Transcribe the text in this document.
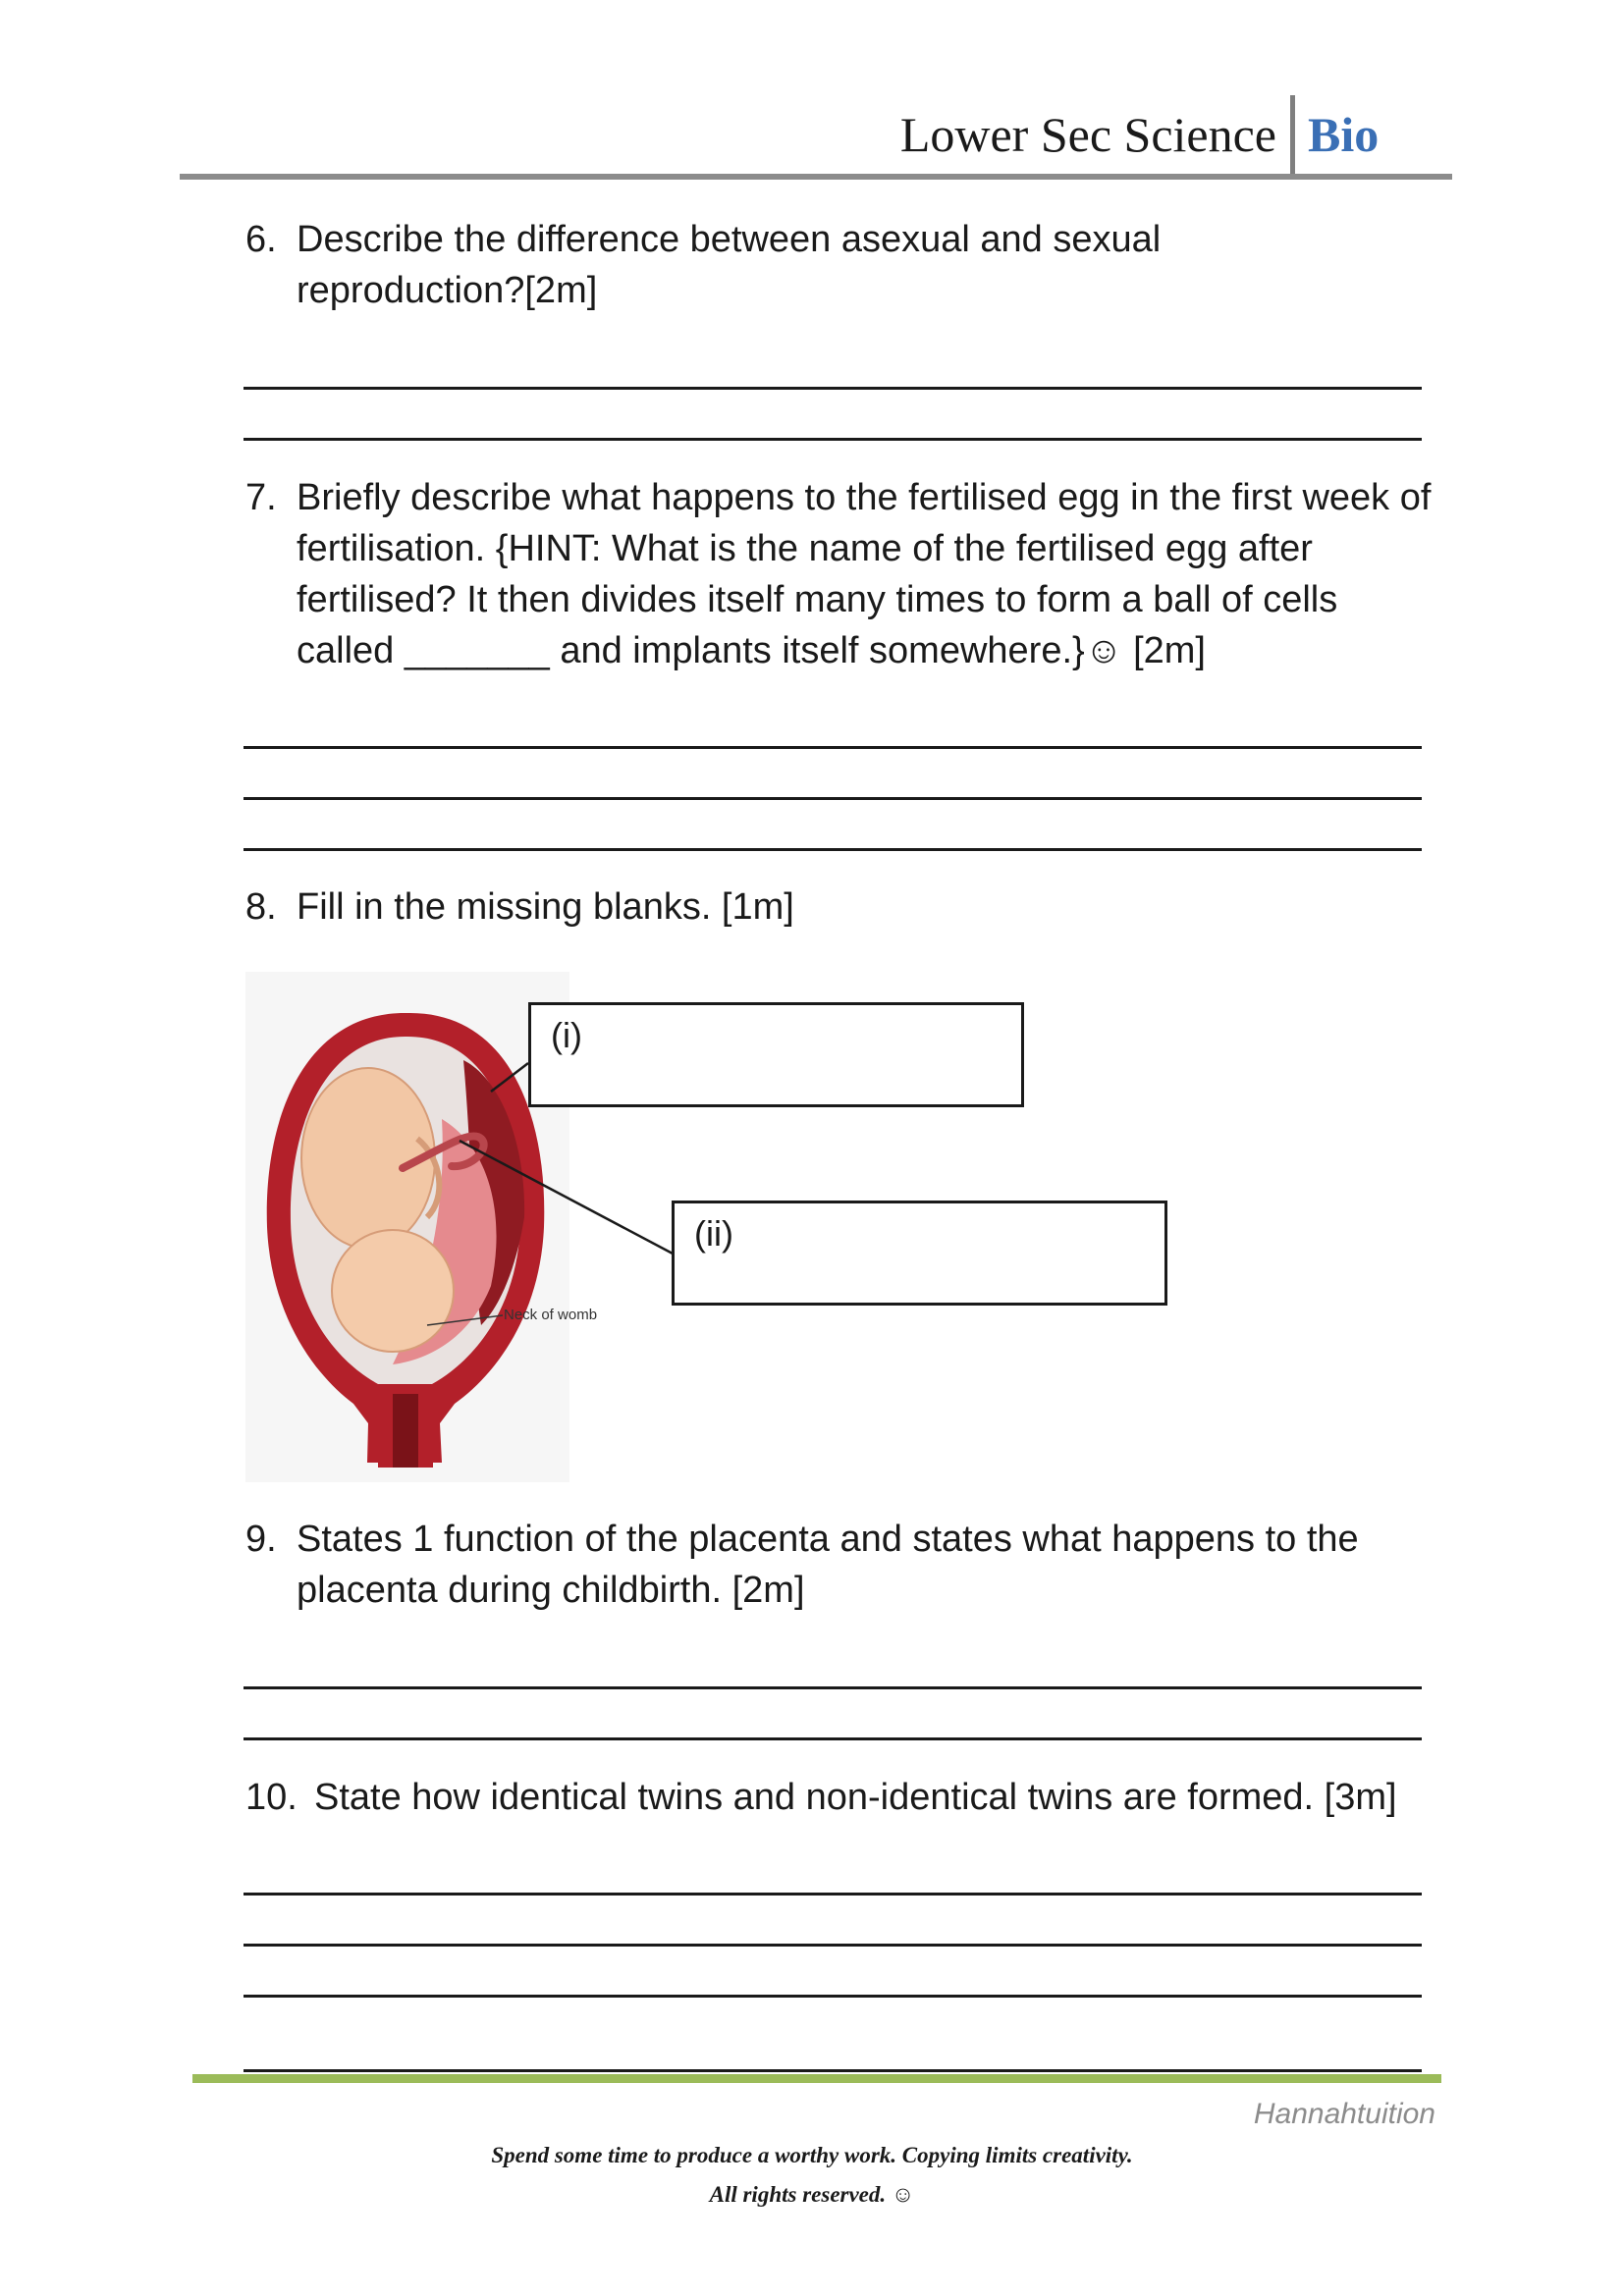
Lower Sec Science Bio
6. Describe the difference between asexual and sexual reproduction?[2m]
7. Briefly describe what happens to the fertilised egg in the first week of fertilisation. {HINT: What is the name of the fertilised egg after fertilised? It then divides itself many times to form a ball of cells called _______ and implants itself somewhere.}☺ [2m]
8. Fill in the missing blanks. [1m]
Neck of womb
(i)
(ii)
9. States 1 function of the placenta and states what happens to the placenta during childbirth. [2m]
10. State how identical twins and non-identical twins are formed. [3m]
Hannahtuition
Spend some time to produce a worthy work. Copying limits creativity.
All rights reserved. ☺
